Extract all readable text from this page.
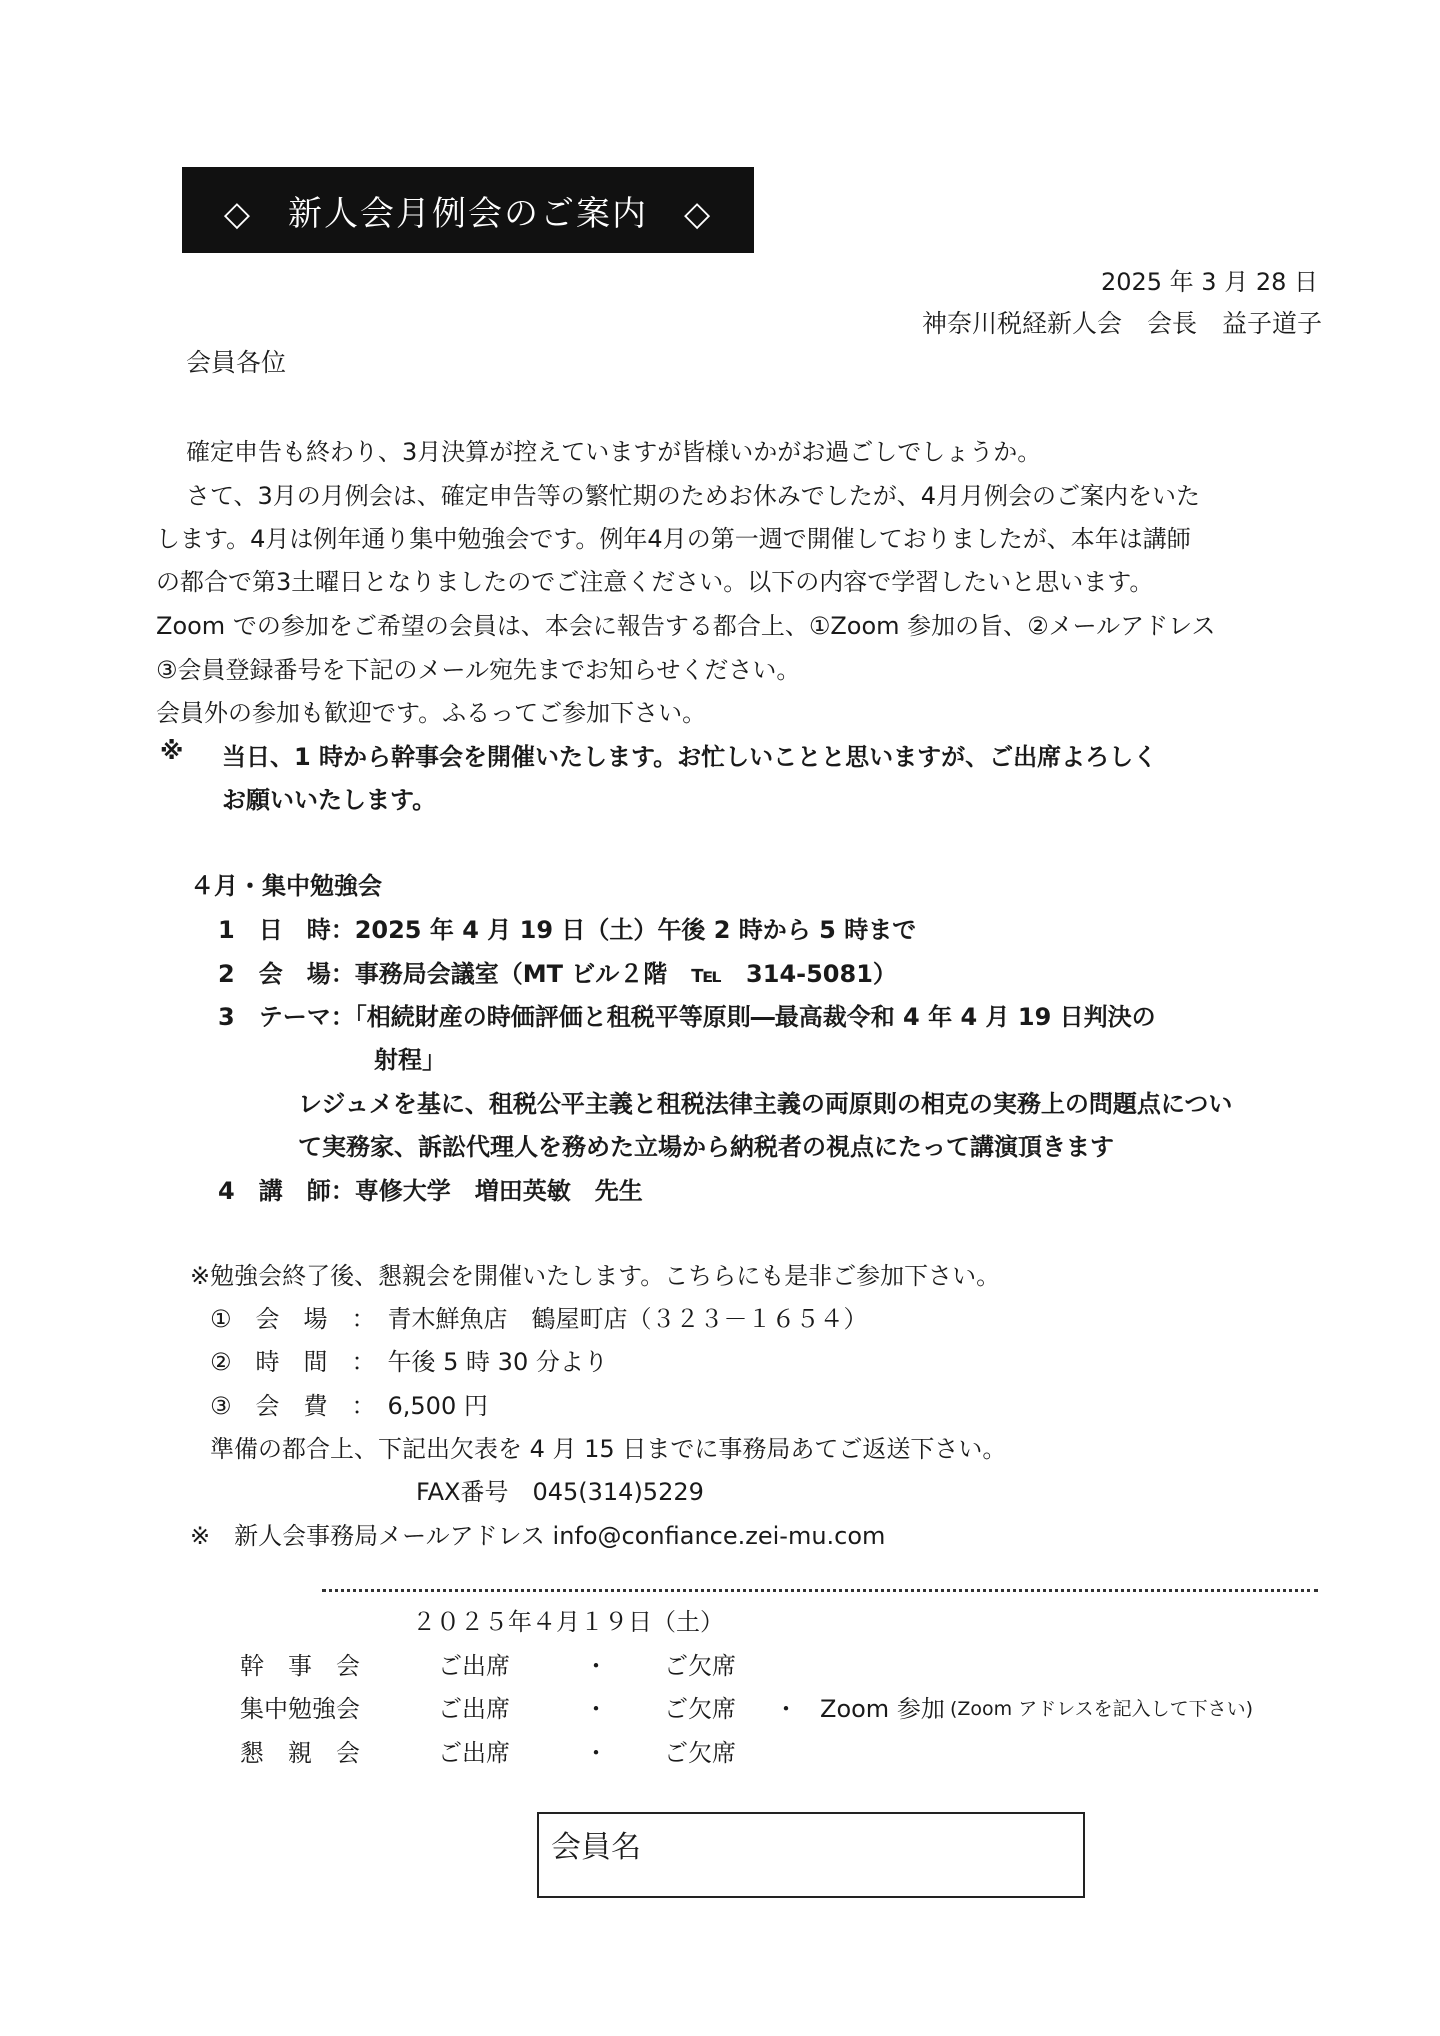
◇　新人会月例会のご案内　◇
2025 年 3 月 28 日
神奈川税経新人会　会長　益子道子
会員各位
確定申告も終わり、3月決算が控えていますが皆様いかがお過ごしでしょうか。
さて、3月の月例会は、確定申告等の繁忙期のためお休みでしたが、4月月例会のご案内をいた
します。4月は例年通り集中勉強会です。例年4月の第一週で開催しておりましたが、本年は講師
の都合で第3土曜日となりましたのでご注意ください。以下の内容で学習したいと思います。
Zoom での参加をご希望の会員は、本会に報告する都合上、①Zoom 参加の旨、②メールアドレス
③会員登録番号を下記のメール宛先までお知らせください。
会員外の参加も歓迎です。ふるってご参加下さい。
※ 当日、1 時から幹事会を開催いたします。お忙しいことと思いますが、ご出席よろしく
お願いいたします。
４月・集中勉強会
1　日　時：2025 年 4 月 19 日（土）午後 2 時から 5 時まで
2　会　場：事務局会議室（MT ビル２階　℡　314-5081）
3　テーマ：「相続財産の時価評価と租税平等原則―最高裁令和 4 年 4 月 19 日判決の
射程」
レジュメを基に、租税公平主義と租税法律主義の両原則の相克の実務上の問題点につい
て実務家、訴訟代理人を務めた立場から納税者の視点にたって講演頂きます
4　講　師：専修大学　増田英敏　先生
※勉強会終了後、懇親会を開催いたします。こちらにも是非ご参加下さい。
①　会　場　：　青木鮮魚店　鶴屋町店（３２３－１６５４）
②　時　間　：　午後 5 時 30 分より
③　会　費　：　6,500 円
準備の都合上、下記出欠表を 4 月 15 日までに事務局あてご返送下さい。
FAX番号　045(314)5229
※　新人会事務局メールアドレス info@confiance.zei-mu.com
２０２５年４月１９日（土）
幹　事　会	ご出席	・ ご欠席
集中勉強会	ご出席	・ ご欠席 ・ Zoom 参加 (Zoom アドレスを記入して下さい)
懇　親　会	ご出席	・ ご欠席
会員名
